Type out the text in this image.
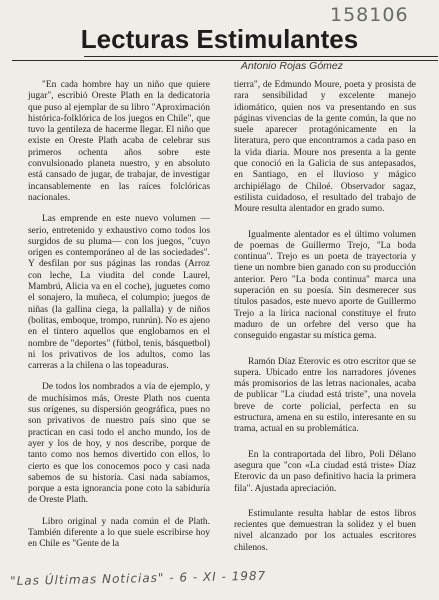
158106
Lecturas Estimulantes
Antonio Rojas Gómez

"En cada hombre hay un niño que quiere jugar", escribió Oreste Plath en la dedicatoria que puso al ejemplar de su libro "Aproximación histórica-folklórica de los juegos en Chile", que tuvo la gentileza de hacerme llegar. El niño que existe en Oreste Plath acaba de celebrar sus primeros ochenta años sobre este convulsionado planeta nuestro, y en absoluto está cansado de jugar, de trabajar, de investigar incansablemente en las raíces folclóricas nacionales.

Las emprende en este nuevo volumen —serio, entretenido y exhaustivo como todos los surgidos de su pluma— con los juegos, "cuyo origen es contemporáneo al de las sociedades". Y desfilan por sus páginas las rondas (Arroz con leche, La viudita del conde Laurel, Mambrú, Alicia va en el coche), juguetes como el sonajero, la muñeca, el columpio; juegos de niñas (la gallina ciega, la pallalla) y de niños (bolitas, emboque, trompo, runrún). No es ajeno en el tintero aquellos que englobamos en el nombre de "deportes" (fútbol, tenis, básquetbol) ni los privativos de los adultos, como las carreras a la chilena o las topeaduras.

De todos los nombrados a vía de ejemplo, y de muchísimos más, Oreste Plath nos cuenta sus orígenes, su dispersión geográfica, pues no son privativos de nuestro país sino que se practican en casi todo el ancho mundo, los de ayer y los de hoy, y nos describe, porque de tanto como nos hemos divertido con ellos, lo cierto es que los conocemos poco y casi nada sabemos de su historia. Casi nada sabíamos, porque a esta ignorancia pone coto la sabiduría de Oreste Plath.

Libro original y nada común el de Plath. También diferente a lo que suele escribirse hoy en Chile es "Gente de la

tierra", de Edmundo Moure, poeta y prosista de rara sensibilidad y excelente manejo idiomático, quien nos va presentando en sus páginas vivencias de la gente común, la que no suele aparecer protagónicamente en la literatura, pero que encontramos a cada paso en la vida diaria. Moure nos presenta a la gente que conoció en la Galicia de sus antepasados, en Santiago, en el lluvioso y mágico archipiélago de Chiloé. Observador sagaz, estilista cuidadoso, el resultado del trabajo de Moure resulta alentador en grado sumo.

Igualmente alentador es el último volumen de poemas de Guillermo Trejo, "La boda continua". Trejo es un poeta de trayectoria y tiene un nombre bien ganado con su producción anterior. Pero "La boda continua" marca una superación en su poesía. Sin desmerecer sus títulos pasados, este nuevo aporte de Guillermo Trejo a la lírica nacional constituye el fruto maduro de un orfebre del verso que ha conseguido engastar su mística gema.

Ramón Díaz Eterovic es otro escritor que se supera. Ubicado entre los narradores jóvenes más promisorios de las letras nacionales, acaba de publicar "La ciudad está triste", una novela breve de corte policial, perfecta en su estructura, amena en su estilo, interesante en su trama, actual en su problemática.

En la contraportada del libro, Poli Délano asegura que "con «La ciudad está triste» Díaz Eterovic da un paso definitivo hacia la primera fila". Ajustada apreciación.

Estimulante resulta hablar de estos libros recientes que demuestran la solidez y el buen nivel alcanzado por los actuales escritores chilenos.

"Las Últimas Noticias" - 6 - XI - 1987
